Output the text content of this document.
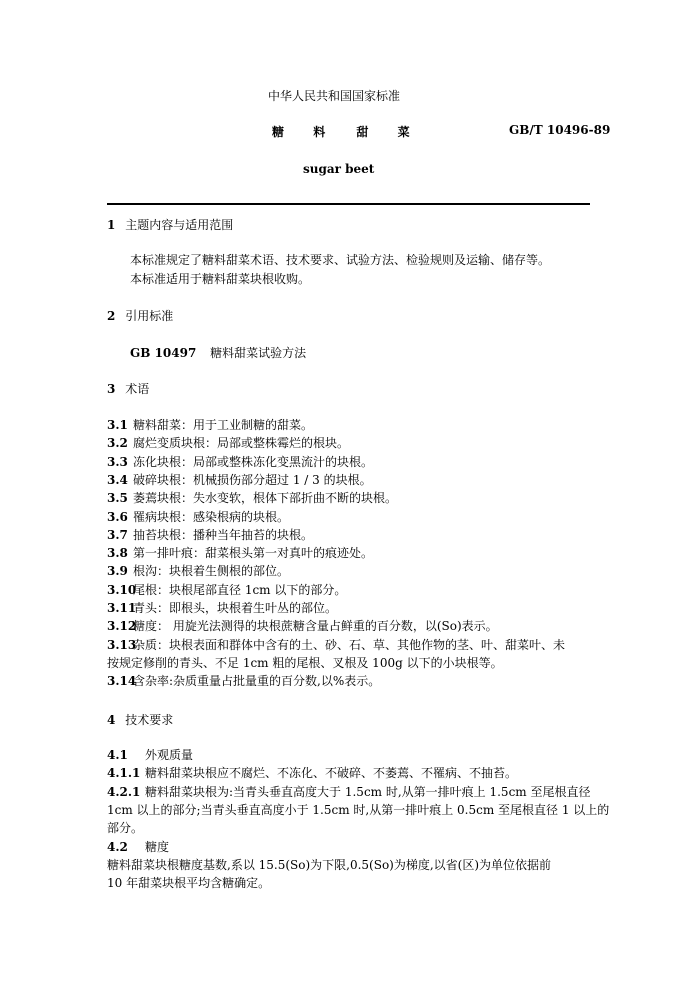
中华人民共和国国家标准
糖 料	甜 菜	GB/T 10496-89
sugar beet
1 主题内容与适用范围
本标准规定了糖料甜菜术语、技术要求、试验方法、检验规则及运输、储存等。
本标准适用于糖料甜菜块根收购。
2 引用标准
GB 10497 糖料甜菜试验方法
3 术语
3.1 糖料甜菜：用于工业制糖的甜菜。
3.2 腐烂变质块根：局部或整株霉烂的根块。
3.3 冻化块根：局部或整株冻化变黑流汁的块根。
3.4 破碎块根：机械损伤部分超过 1 / 3 的块根。
3.5 萎蔫块根：失水变软，根体下部折曲不断的块根。
3.6 罹病块根：感染根病的块根。
3.7 抽苔块根：播种当年抽苔的块根。
3.8 第一排叶痕：甜菜根头第一对真叶的痕迹处。
3.9 根沟：块根着生侧根的部位。
3.10尾根：块根尾部直径 1cm 以下的部分。
3.11青头：即根头，块根着生叶丛的部位。
3.12糖度： 用旋光法测得的块根蔗糖含量占鲜重的百分数，以(So)表示。
3.13杂质：块根表面和群体中含有的土、砂、石、草、其他作物的茎、叶、甜菜叶、未
按规定修削的青头、不足 1cm 粗的尾根、叉根及 100g 以下的小块根等。
3.14含杂率:杂质重量占批量重的百分数,以%表示。
4 技术要求
4.1 外观质量
4.1.1 糖料甜菜块根应不腐烂、不冻化、不破碎、不萎蔫、不罹病、不抽苔。
4.2.1 糖料甜菜块根为:当青头垂直高度大于 1.5cm 时,从第一排叶痕上 1.5cm 至尾根直径
1cm 以上的部分;当青头垂直高度小于 1.5cm 时,从第一排叶痕上 0.5cm 至尾根直径 1 以上的
部分。
4.2 糖度
糖料甜菜块根糖度基数,系以 15.5(So)为下限,0.5(So)为梯度,以省(区)为单位依据前
10 年甜菜块根平均含糖确定。
